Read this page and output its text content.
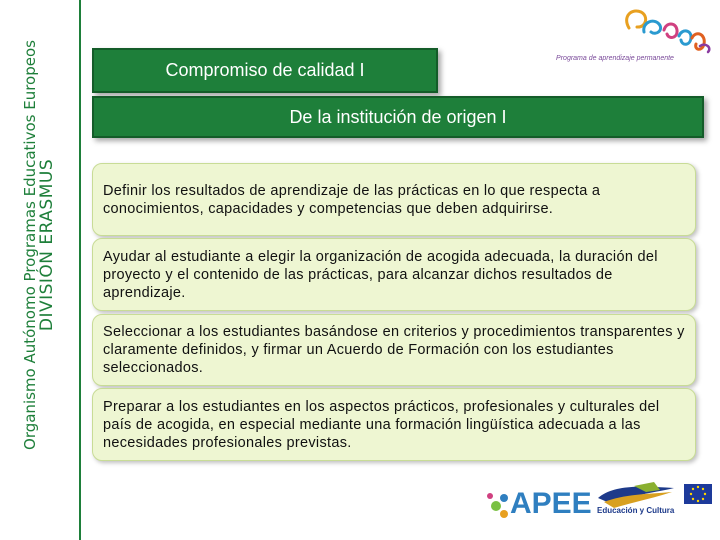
Organismo Autónomo Programas Educativos Europeos
DIVISIÓN ERASMUS
Compromiso de calidad I
Programa de aprendizaje permanente
De la institución de origen I
Definir los resultados de aprendizaje de las prácticas en lo que respecta a conocimientos, capacidades y competencias que deben adquirirse.
Ayudar al estudiante a elegir la organización de acogida adecuada, la duración del proyecto y el contenido de las prácticas, para alcanzar dichos resultados de aprendizaje.
Seleccionar a los estudiantes basándose en criterios y procedimientos transparentes y claramente definidos, y firmar un Acuerdo de Formación con los estudiantes seleccionados.
Preparar a los estudiantes en los aspectos prácticos, profesionales y culturales del país de acogida, en especial mediante una formación lingüística adecuada a las necesidades profesionales previstas.
APEE Educación y Cultura
